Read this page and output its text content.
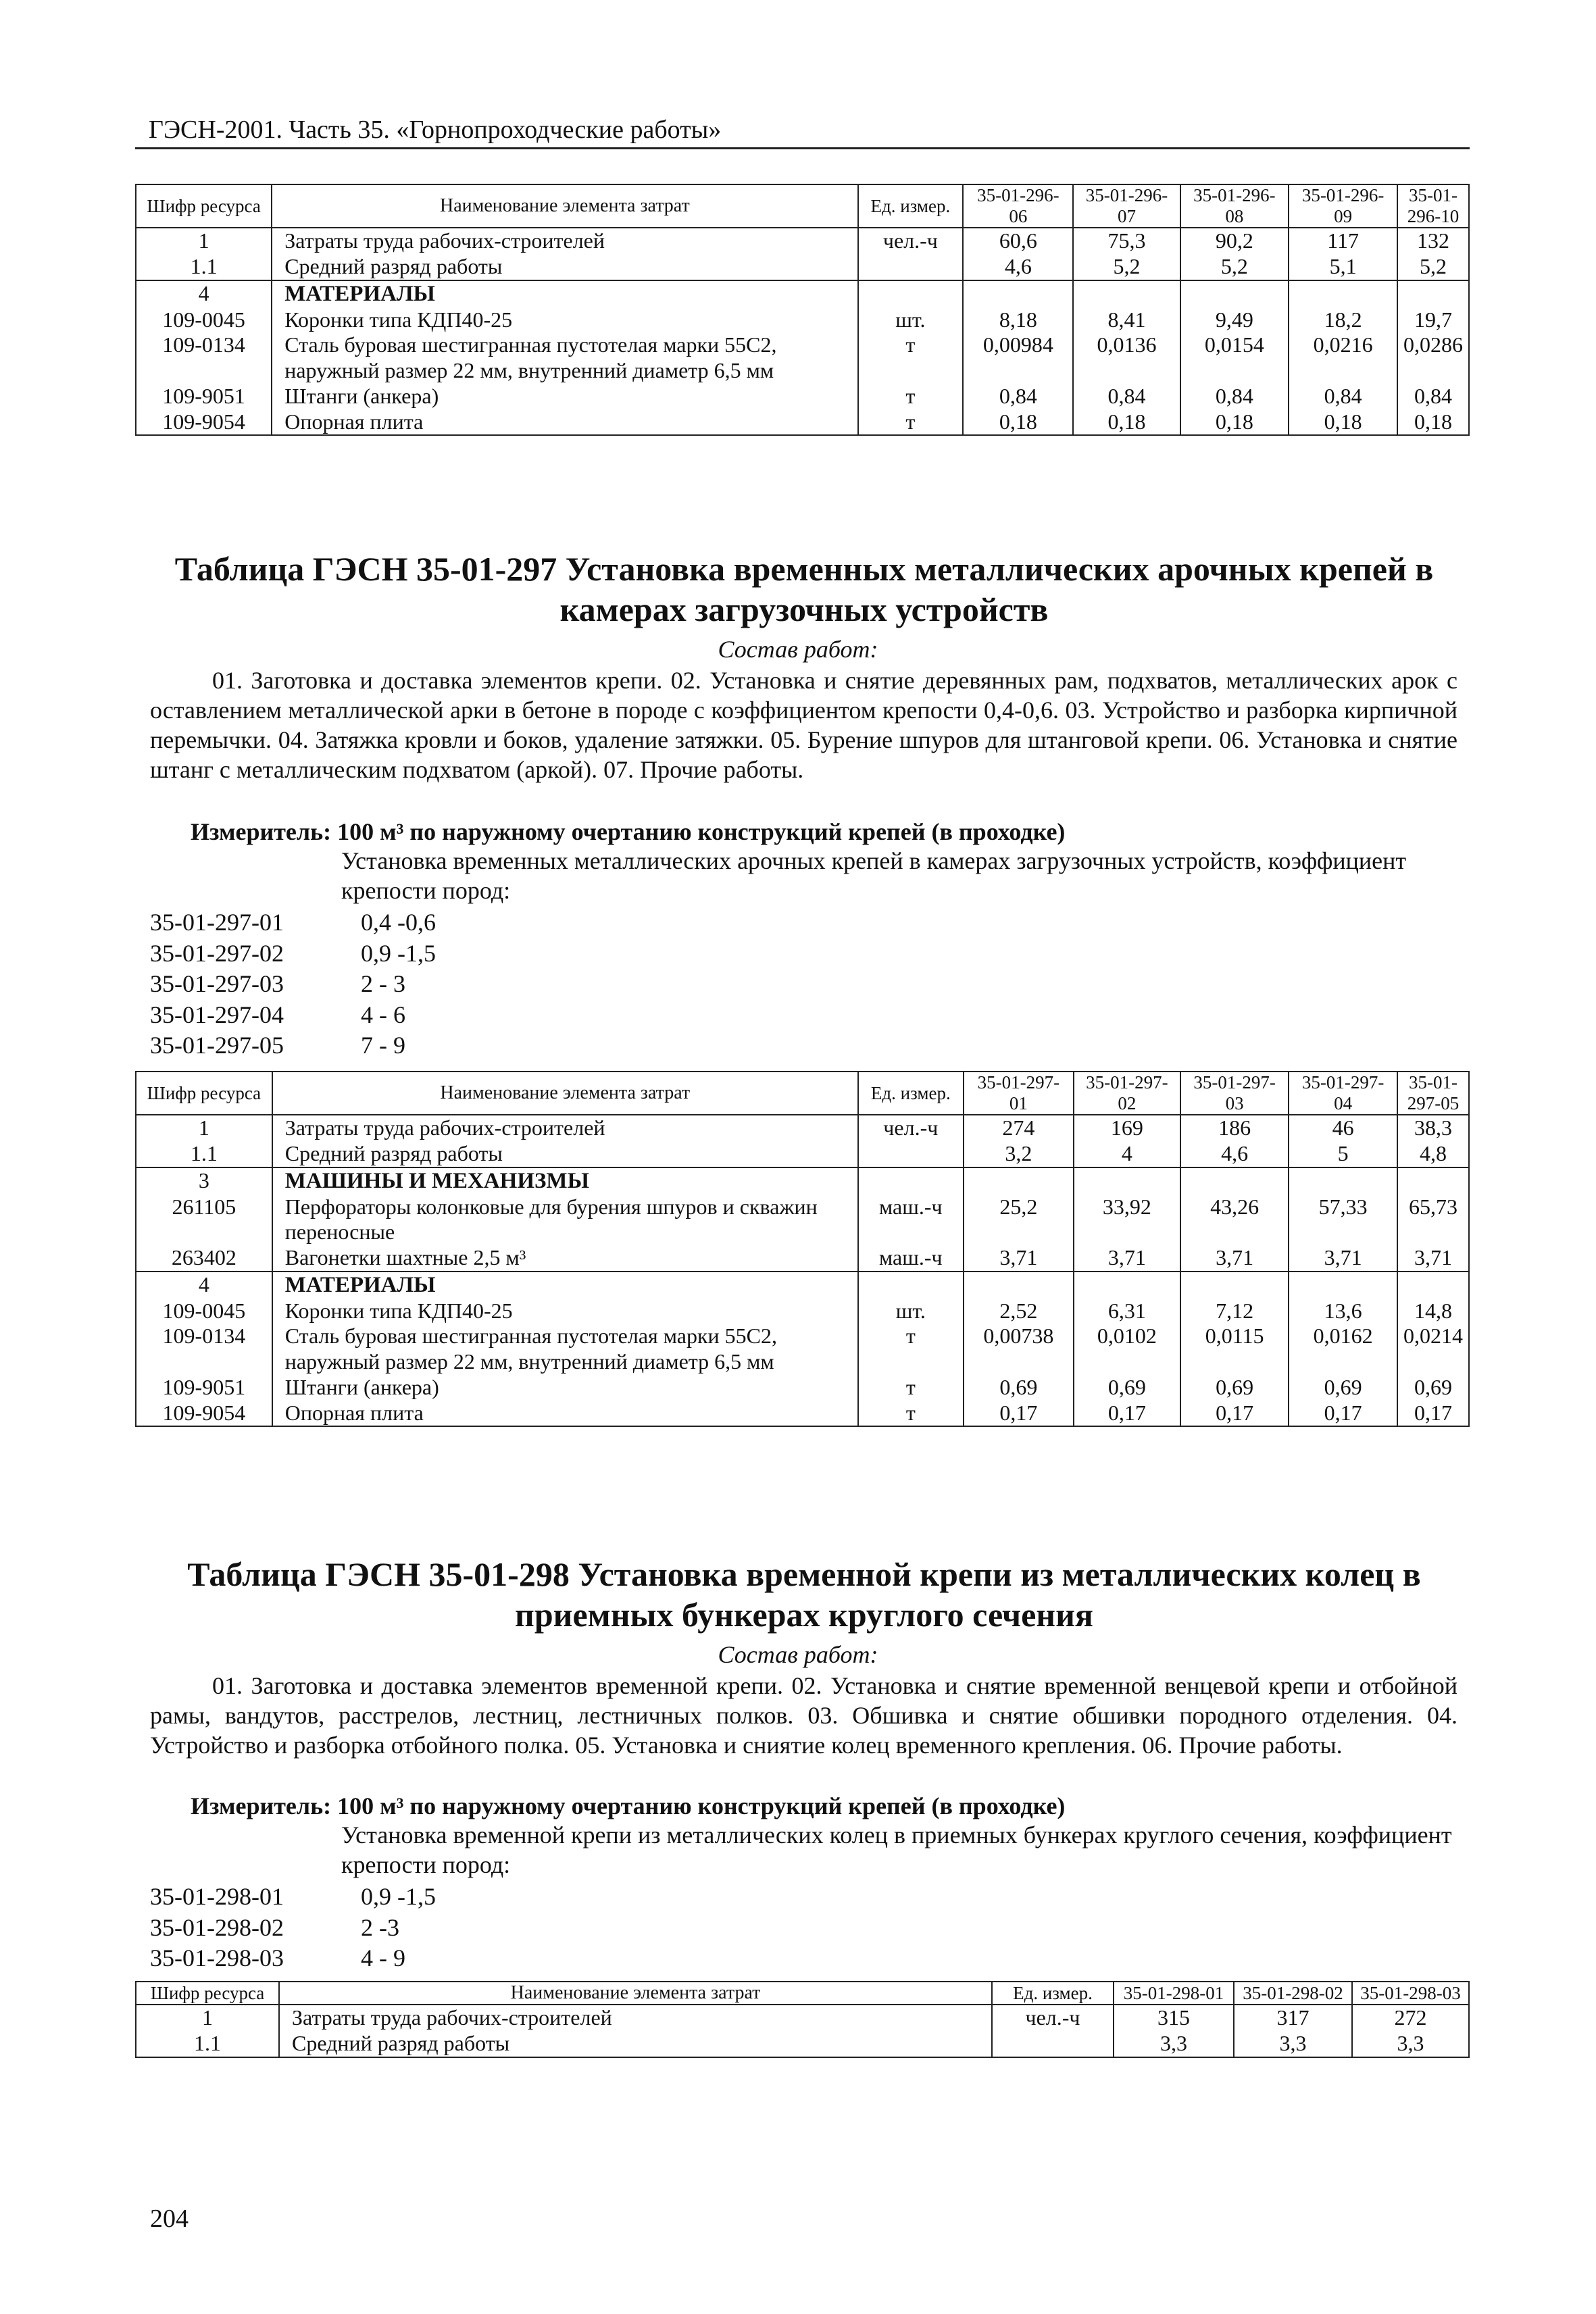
ГЭСН-2001. Часть 35. «Горнопроходческие работы»
Шифр ресурса	Наименование элемента затрат	Ед. измер.	35-01-296-06	35-01-296-07	35-01-296-08	35-01-296-09	35-01-296-10
1	Затраты труда рабочих-строителей	чел.-ч	60,6	75,3	90,2	117	132
1.1	Средний разряд работы		4,6	5,2	5,2	5,1	5,2
4	МАТЕРИАЛЫ						
109-0045	Коронки типа КДП40-25	шт.	8,18	8,41	9,49	18,2	19,7
109-0134	Сталь буровая шестигранная пустотелая марки 55С2, наружный размер 22 мм, внутренний диаметр 6,5 мм	т	0,00984	0,0136	0,0154	0,0216	0,0286
109-9051	Штанги (анкера)	т	0,84	0,84	0,84	0,84	0,84
109-9054	Опорная плита	т	0,18	0,18	0,18	0,18	0,18
Таблица ГЭСН 35-01-297 Установка временных металлических арочных крепей в
камерах загрузочных устройств
Состав работ:
01. Заготовка и доставка элементов крепи. 02. Установка и снятие деревянных рам, подхватов, металлических арок с оставлением металлической арки в бетоне в породе с коэффициентом крепости 0,4-0,6. 03. Устройство и разборка кирпичной перемычки. 04. Затяжка кровли и боков, удаление затяжки. 05. Бурение шпуров для штанговой крепи. 06. Установка и снятие штанг с металлическим подхватом (аркой). 07. Прочие работы.
Измеритель: 100 м³ по наружному очертанию конструкций крепей (в проходке)
Установка временных металлических арочных крепей в камерах загрузочных устройств, коэффициент крепости пород:
35-01-297-01	0,4 -0,6
35-01-297-02	0,9 -1,5
35-01-297-03	2 - 3
35-01-297-04	4 - 6
35-01-297-05	7 - 9
Шифр ресурса	Наименование элемента затрат	Ед. измер.	35-01-297-01	35-01-297-02	35-01-297-03	35-01-297-04	35-01-297-05
1	Затраты труда рабочих-строителей	чел.-ч	274	169	186	46	38,3
1.1	Средний разряд работы		3,2	4	4,6	5	4,8
3	МАШИНЫ И МЕХАНИЗМЫ						
261105	Перфораторы колонковые для бурения шпуров и скважин переносные	маш.-ч	25,2	33,92	43,26	57,33	65,73
263402	Вагонетки шахтные 2,5 м³	маш.-ч	3,71	3,71	3,71	3,71	3,71
4	МАТЕРИАЛЫ						
109-0045	Коронки типа КДП40-25	шт.	2,52	6,31	7,12	13,6	14,8
109-0134	Сталь буровая шестигранная пустотелая марки 55С2, наружный размер 22 мм, внутренний диаметр 6,5 мм	т	0,00738	0,0102	0,0115	0,0162	0,0214
109-9051	Штанги (анкера)	т	0,69	0,69	0,69	0,69	0,69
109-9054	Опорная плита	т	0,17	0,17	0,17	0,17	0,17
Таблица ГЭСН 35-01-298 Установка временной крепи из металлических колец в
приемных бункерах круглого сечения
Состав работ:
01. Заготовка и доставка элементов временной крепи. 02. Установка и снятие временной венцевой крепи и отбойной рамы, вандутов, расстрелов, лестниц, лестничных полков. 03. Обшивка и снятие обшивки породного отделения. 04. Устройство и разборка отбойного полка. 05. Установка и сниятие колец временного крепления. 06. Прочие работы.
Измеритель: 100 м³ по наружному очертанию конструкций крепей (в проходке)
Установка временной крепи из металлических колец в приемных бункерах круглого сечения, коэффициент крепости пород:
35-01-298-01	0,9 -1,5
35-01-298-02	2 -3
35-01-298-03	4 - 9
Шифр ресурса	Наименование элемента затрат	Ед. измер.	35-01-298-01	35-01-298-02	35-01-298-03
1	Затраты труда рабочих-строителей	чел.-ч	315	317	272
1.1	Средний разряд работы		3,3	3,3	3,3
204
